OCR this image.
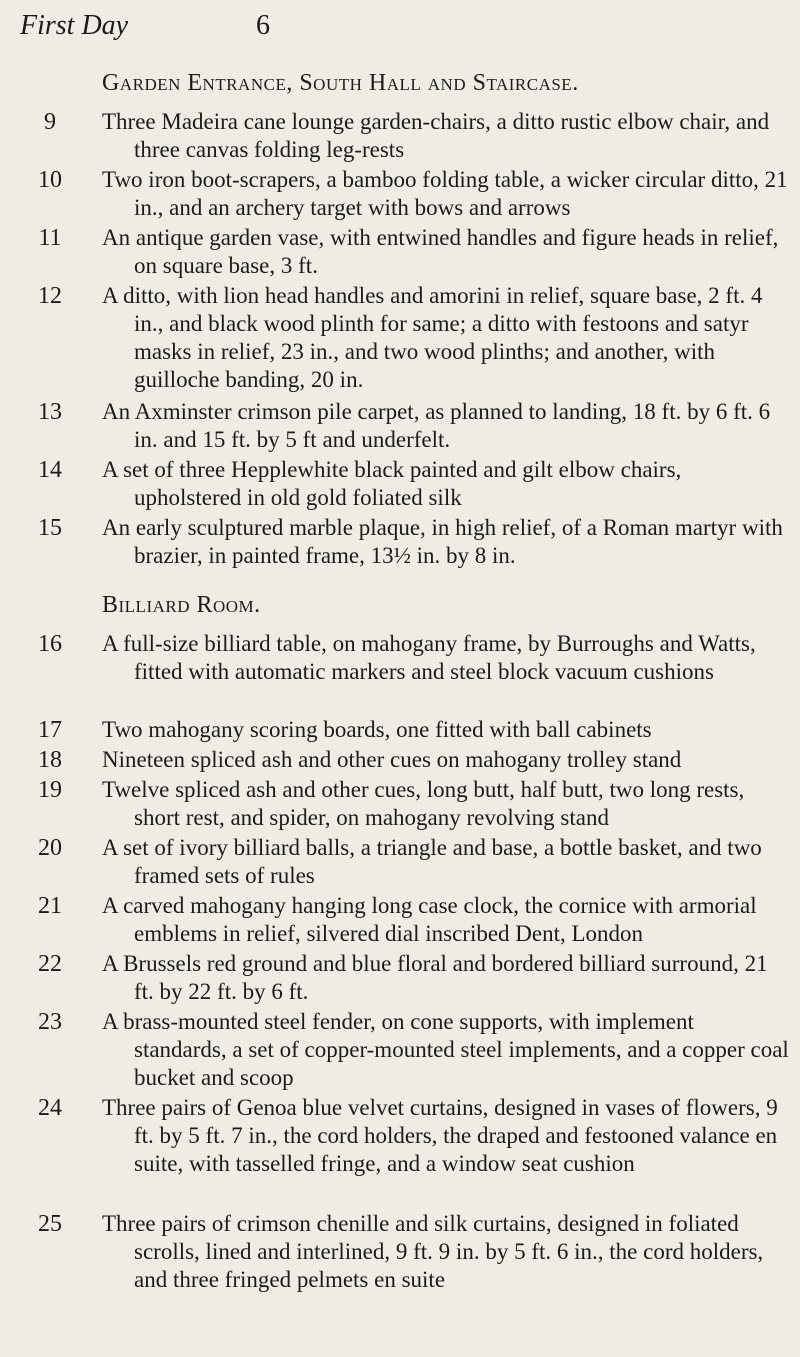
First Day	6
Garden Entrance, South Hall and Staircase.
9	Three Madeira cane lounge garden-chairs, a ditto rustic elbow chair, and three canvas folding leg-rests
10	Two iron boot-scrapers, a bamboo folding table, a wicker circular ditto, 21 in., and an archery target with bows and arrows
11	An antique garden vase, with entwined handles and figure heads in relief, on square base, 3 ft.
12	A ditto, with lion head handles and amorini in relief, square base, 2 ft. 4 in., and black wood plinth for same; a ditto with festoons and satyr masks in relief, 23 in., and two wood plinths; and another, with guilloche banding, 20 in.
13	An Axminster crimson pile carpet, as planned to landing, 18 ft. by 6 ft. 6 in. and 15 ft. by 5 ft and underfelt.
14	A set of three Hepplewhite black painted and gilt elbow chairs, upholstered in old gold foliated silk
15	An early sculptured marble plaque, in high relief, of a Roman martyr with brazier, in painted frame, 13½ in. by 8 in.
Billiard Room.
16	A full-size billiard table, on mahogany frame, by Burroughs and Watts, fitted with automatic markers and steel block vacuum cushions
17	Two mahogany scoring boards, one fitted with ball cabinets
18	Nineteen spliced ash and other cues on mahogany trolley stand
19	Twelve spliced ash and other cues, long butt, half butt, two long rests, short rest, and spider, on mahogany revolving stand
20	A set of ivory billiard balls, a triangle and base, a bottle basket, and two framed sets of rules
21	A carved mahogany hanging long case clock, the cornice with armorial emblems in relief, silvered dial inscribed Dent, London
22	A Brussels red ground and blue floral and bordered billiard surround, 21 ft. by 22 ft. by 6 ft.
23	A brass-mounted steel fender, on cone supports, with implement standards, a set of copper-mounted steel implements, and a copper coal bucket and scoop
24	Three pairs of Genoa blue velvet curtains, designed in vases of flowers, 9 ft. by 5 ft. 7 in., the cord holders, the draped and festooned valance en suite, with tasselled fringe, and a window seat cushion
25	Three pairs of crimson chenille and silk curtains, designed in foliated scrolls, lined and interlined, 9 ft. 9 in. by 5 ft. 6 in., the cord holders, and three fringed pelmets en suite
